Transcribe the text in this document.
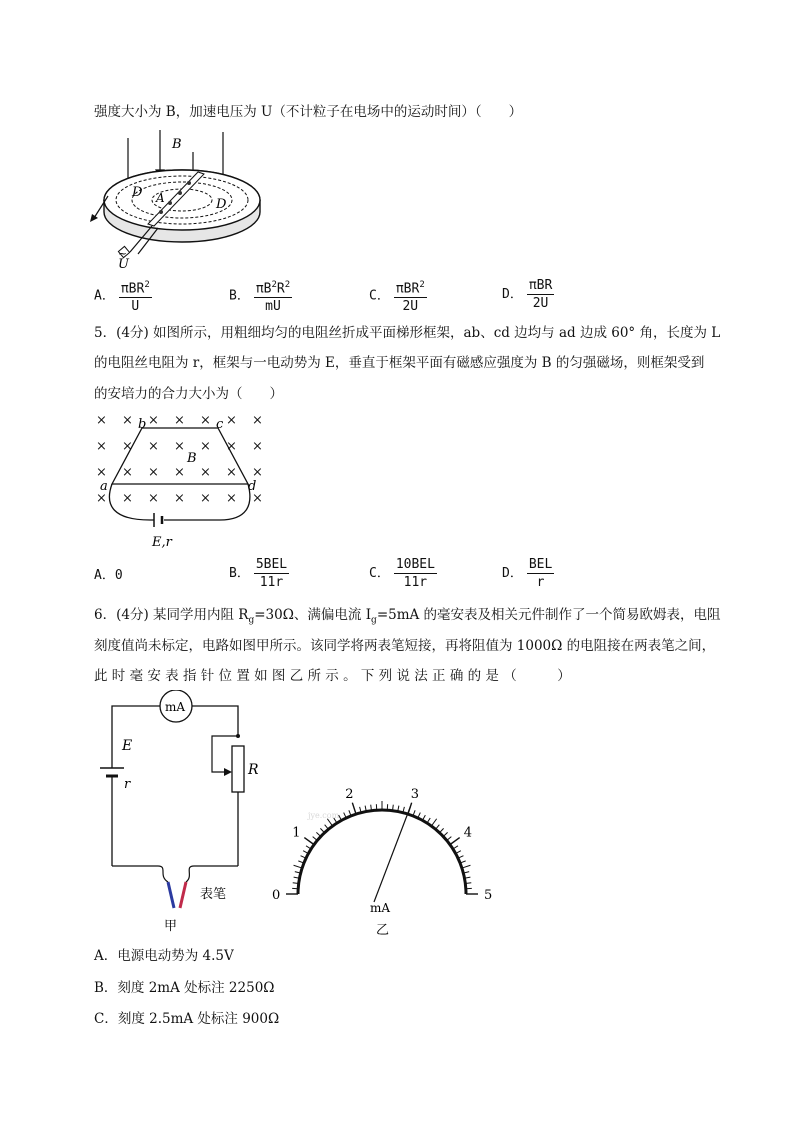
强度大小为 B，加速电压为 U（不计粒子在电场中的运动时间）（　　）
B
D
D
A
U
~
A． $\frac{\pi BR^2}{U}$	B． $\frac{\pi B^2R^2}{mU}$	C． $\frac{\pi BR^2}{2U}$	D． $\frac{\text{πBR}}{2U}$
5．(4分) 如图所示，用粗细均匀的电阻丝折成平面梯形框架，ab、cd 边均与 ad 边成 60° 角，长度为 L
的电阻丝电阻为 r，框架与一电动势为 E，垂直于框架平面有磁感应强度为 B 的匀强磁场，则框架受到
的安培力的合力大小为（　　）
× × × × × × ×
× × × × × × ×
× × × × × × ×
× × × × × × ×
b	c
a	d
B
E,r
A．0	B． $\frac{\text{5BEL}}{11r}$	C． $\frac{\text{10BEL}}{11r}$	D． $\frac{\text{BEL}}{r}$
6．(4分) 某同学用内阻 $R_g=30\Omega$、满偏电流 $I_g=5mA$ 的毫安表及相关元件制作了一个简易欧姆表，电阻
刻度值尚未标定，电路如图甲所示。该同学将两表笔短接，再将阻值为 1000Ω 的电阻接在两表笔之间，
此 时 毫 安 表 指 针 位 置 如 图 乙 所 示 。 下 列 说 法 正 确 的 是 （　　　）
mA
E
r
R
表笔
甲
jye.com
0
1
2	3
4
5
mA
乙
A．电源电动势为 4.5V
B．刻度 2mA 处标注 2250Ω
C．刻度 2.5mA 处标注 900Ω
